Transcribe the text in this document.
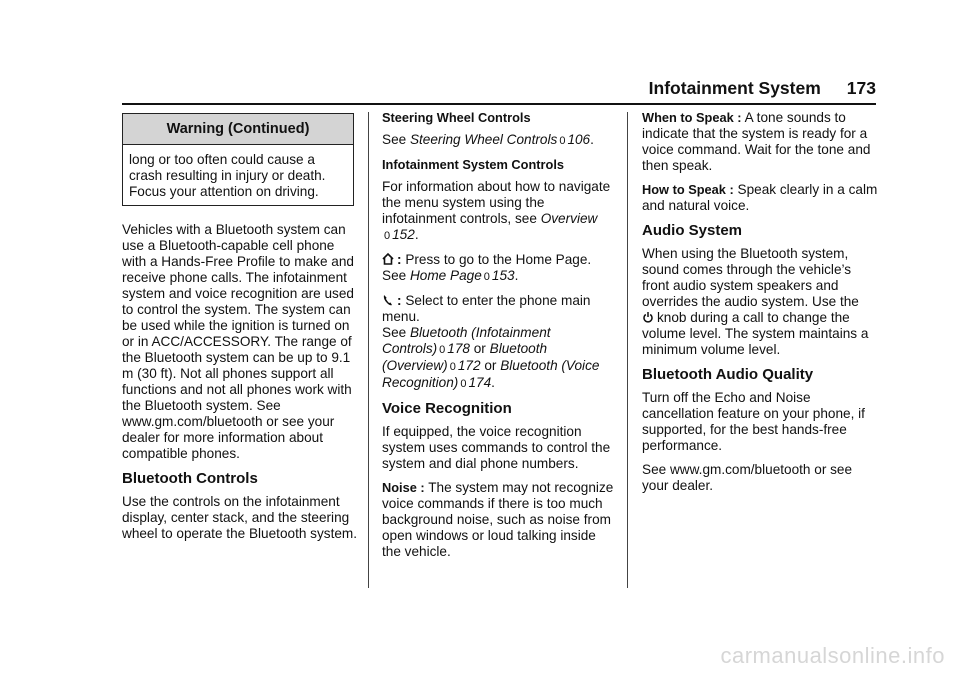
Infotainment System 173
Warning (Continued)
long or too often could cause a crash resulting in injury or death. Focus your attention on driving.

Vehicles with a Bluetooth system can use a Bluetooth-capable cell phone with a Hands-Free Profile to make and receive phone calls. The infotainment system and voice recognition are used to control the system. The system can be used while the ignition is turned on or in ACC/ACCESSORY. The range of the Bluetooth system can be up to 9.1 m (30 ft). Not all phones support all functions and not all phones work with the Bluetooth system. See www.gm.com/bluetooth or see your dealer for more information about compatible phones.

Bluetooth Controls

Use the controls on the infotainment display, center stack, and the steering wheel to operate the Bluetooth system.

Steering Wheel Controls

See Steering Wheel Controls 0 106.

Infotainment System Controls

For information about how to navigate the menu system using the infotainment controls, see Overview
0 152.

: Press to go to the Home Page.
See Home Page 0 153.

: Select to enter the phone main menu.
See Bluetooth (Infotainment Controls) 0 178 or Bluetooth (Overview) 0 172 or Bluetooth (Voice Recognition) 0 174.

Voice Recognition

If equipped, the voice recognition system uses commands to control the system and dial phone numbers.

Noise : The system may not recognize voice commands if there is too much background noise, such as noise from open windows or loud talking inside the vehicle.

When to Speak : A tone sounds to indicate that the system is ready for a voice command. Wait for the tone and then speak.

How to Speak : Speak clearly in a calm and natural voice.

Audio System

When using the Bluetooth system, sound comes through the vehicle’s front audio system speakers and overrides the audio system. Use the
knob during a call to change the volume level. The system maintains a minimum volume level.

Bluetooth Audio Quality

Turn off the Echo and Noise cancellation feature on your phone, if supported, for the best hands-free performance.

See www.gm.com/bluetooth or see your dealer.

carmanualsonline.info
